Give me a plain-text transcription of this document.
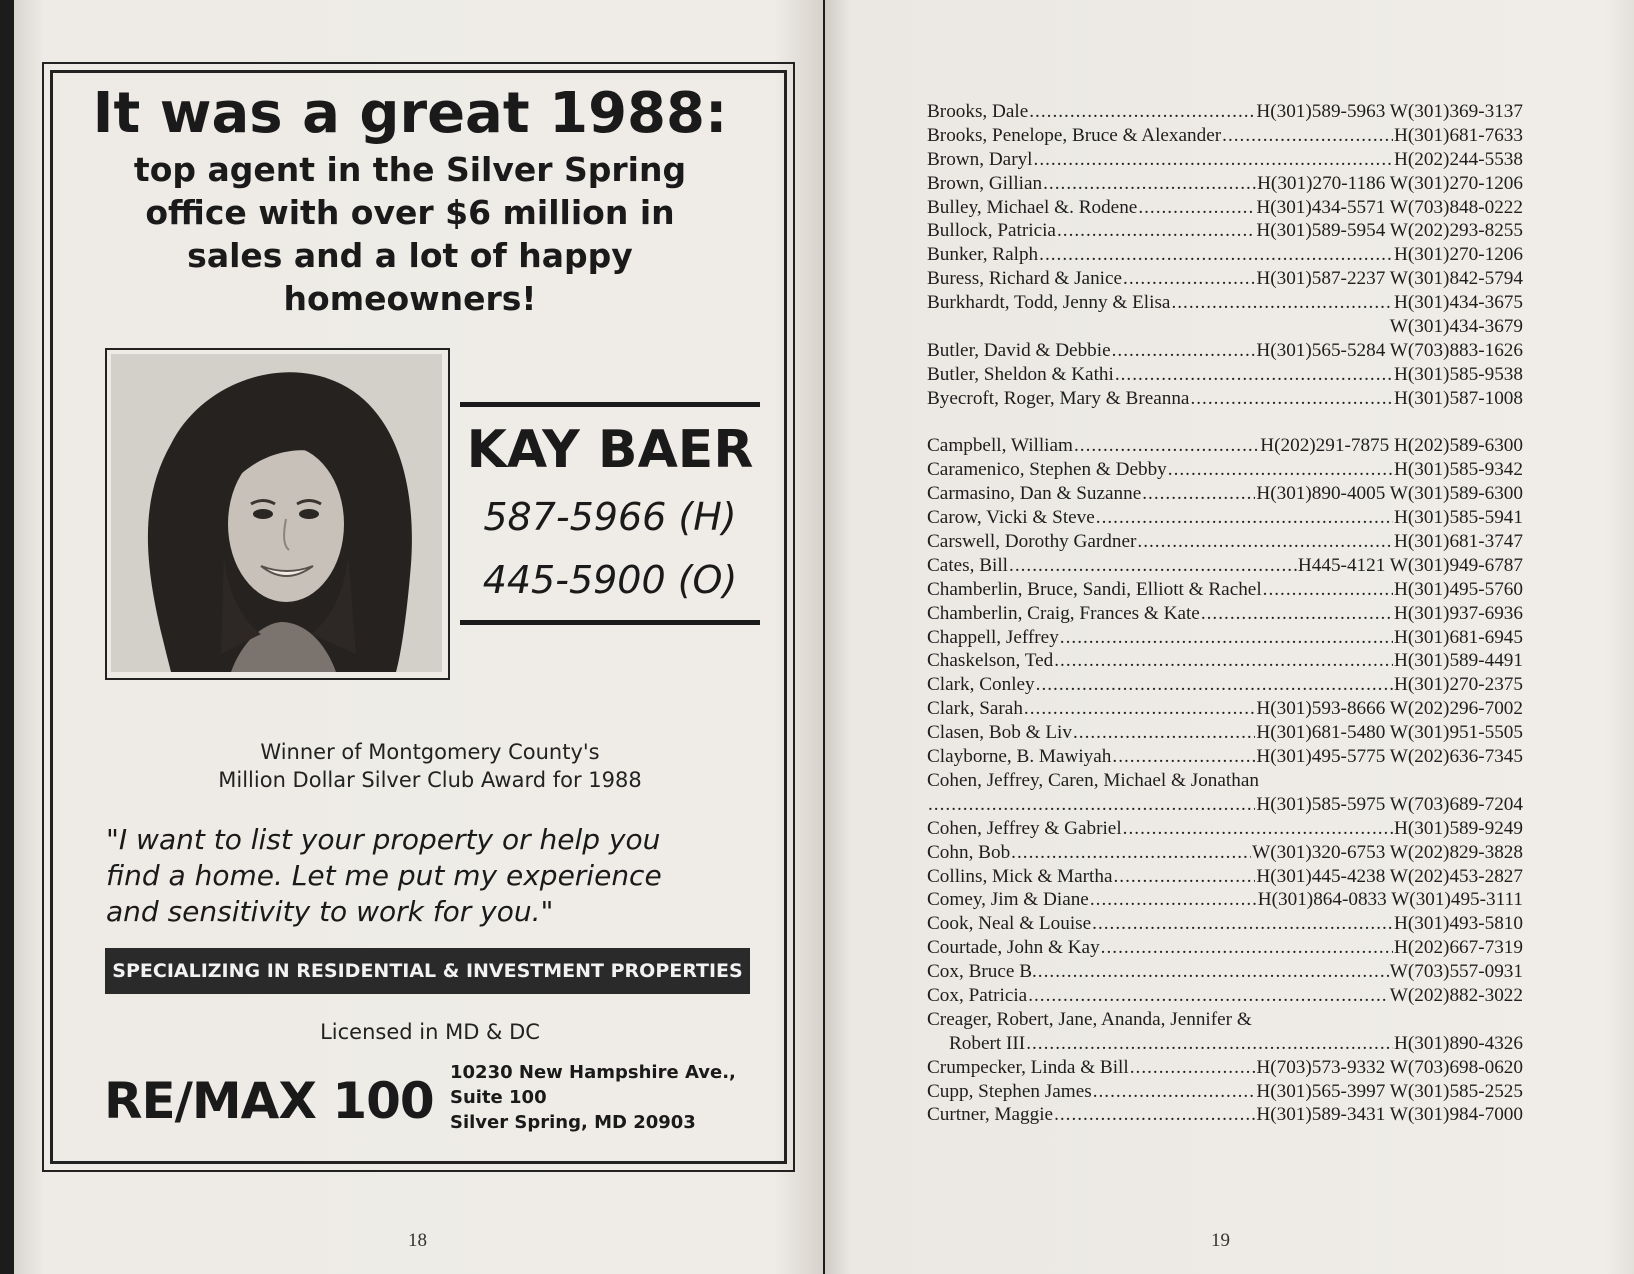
It was a great 1988:
top agent in the Silver Spring
office with over $6 million in
sales and a lot of happy
homeowners!
KAY BAER
587-5966 (H)
445-5900 (O)
Winner of Montgomery County's
Million Dollar Silver Club Award for 1988
"I want to list your property or help you
find a home. Let me put my experience
and sensitivity to work for you."
SPECIALIZING IN RESIDENTIAL & INVESTMENT PROPERTIES
Licensed in MD & DC
RE/MAX 100 10230 New Hampshire Ave.,
Suite 100
Silver Spring, MD 20903
18
Brooks, Dale .....	H(301)589-5963 W(301)369-3137
Brooks, Penelope, Bruce & Alexander .....	H(301)681-7633
Brown, Daryl .....	H(202)244-5538
Brown, Gillian .....	H(301)270-1186 W(301)270-1206
Bulley, Michael &. Rodene .....	H(301)434-5571 W(703)848-0222
Bullock, Patricia .....	H(301)589-5954 W(202)293-8255
Bunker, Ralph .....	H(301)270-1206
Buress, Richard & Janice .....	H(301)587-2237 W(301)842-5794
Burkhardt, Todd, Jenny & Elisa .....	H(301)434-3675
W(301)434-3679
Butler, David & Debbie .....	H(301)565-5284 W(703)883-1626
Butler, Sheldon & Kathi .....	H(301)585-9538
Byecroft, Roger, Mary & Breanna .....	H(301)587-1008
Campbell, William .....	H(202)291-7875 H(202)589-6300
Caramenico, Stephen & Debby .....	H(301)585-9342
Carmasino, Dan & Suzanne .....	H(301)890-4005 W(301)589-6300
Carow, Vicki & Steve .....	H(301)585-5941
Carswell, Dorothy Gardner .....	H(301)681-3747
Cates, Bill .....	H445-4121 W(301)949-6787
Chamberlin, Bruce, Sandi, Elliott & Rachel .....	H(301)495-5760
Chamberlin, Craig, Frances & Kate .....	H(301)937-6936
Chappell, Jeffrey .....	H(301)681-6945
Chaskelson, Ted .....	H(301)589-4491
Clark, Conley .....	H(301)270-2375
Clark, Sarah .....	H(301)593-8666 W(202)296-7002
Clasen, Bob & Liv .....	H(301)681-5480 W(301)951-5505
Clayborne, B. Mawiyah .....	H(301)495-5775 W(202)636-7345
Cohen, Jeffrey, Caren, Michael & Jonathan
.....
H(301)585-5975 W(703)689-7204
Cohen, Jeffrey & Gabriel .....	H(301)589-9249
Cohn, Bob .....	W(301)320-6753 W(202)829-3828
Collins, Mick & Martha .....	H(301)445-4238 W(202)453-2827
Comey, Jim & Diane .....	H(301)864-0833 W(301)495-3111
Cook, Neal & Louise .....	H(301)493-5810
Courtade, John & Kay .....	H(202)667-7319
Cox, Bruce B. .....	W(703)557-0931
Cox, Patricia .....	W(202)882-3022
Creager, Robert, Jane, Ananda, Jennifer &
Robert III .....	H(301)890-4326
Crumpecker, Linda & Bill .....	H(703)573-9332 W(703)698-0620
Cupp, Stephen James .....	H(301)565-3997 W(301)585-2525
Curtner, Maggie .....	H(301)589-3431 W(301)984-7000
19
